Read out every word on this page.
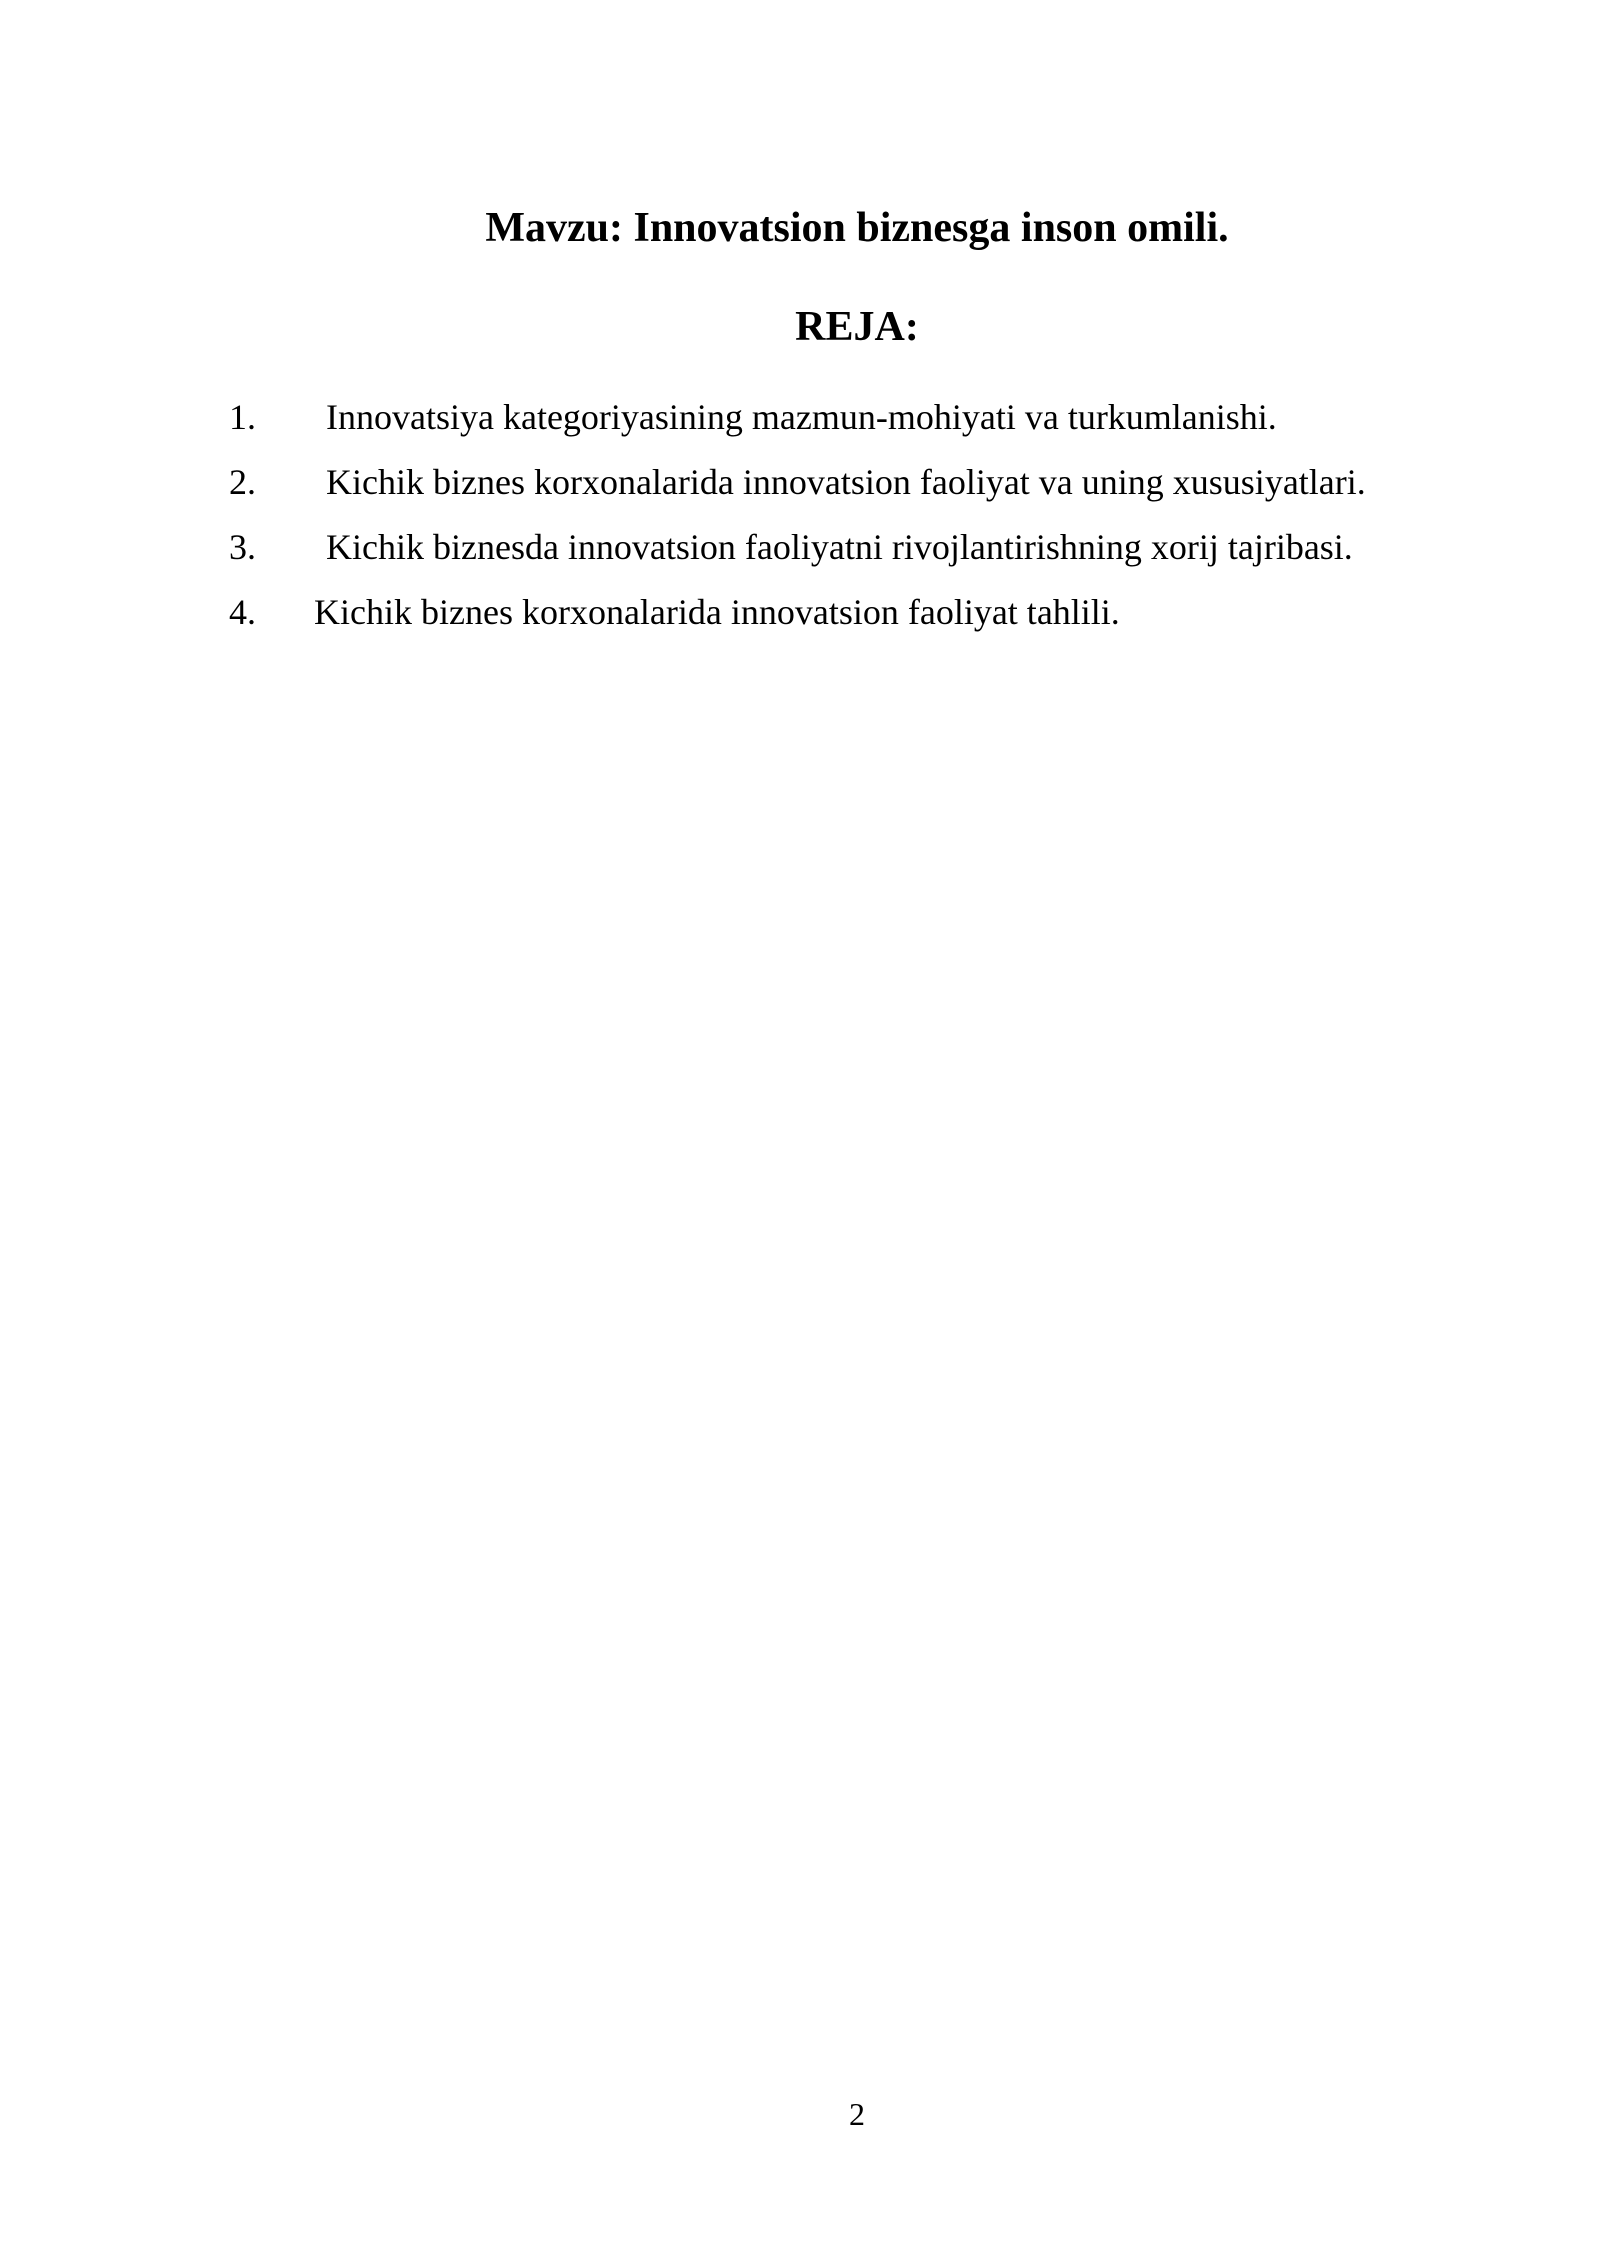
Mavzu: Innovatsion biznesga inson omili.
REJA:
1. Innovatsiya kategoriyasining mazmun-mohiyati va turkumlanishi.
2. Kichik biznes korxonalarida innovatsion faoliyat va uning xususiyatlari.
3. Kichik biznesda innovatsion faoliyatni rivojlantirishning xorij tajribasi.
4. Kichik biznes korxonalarida innovatsion faoliyat tahlili.
2
